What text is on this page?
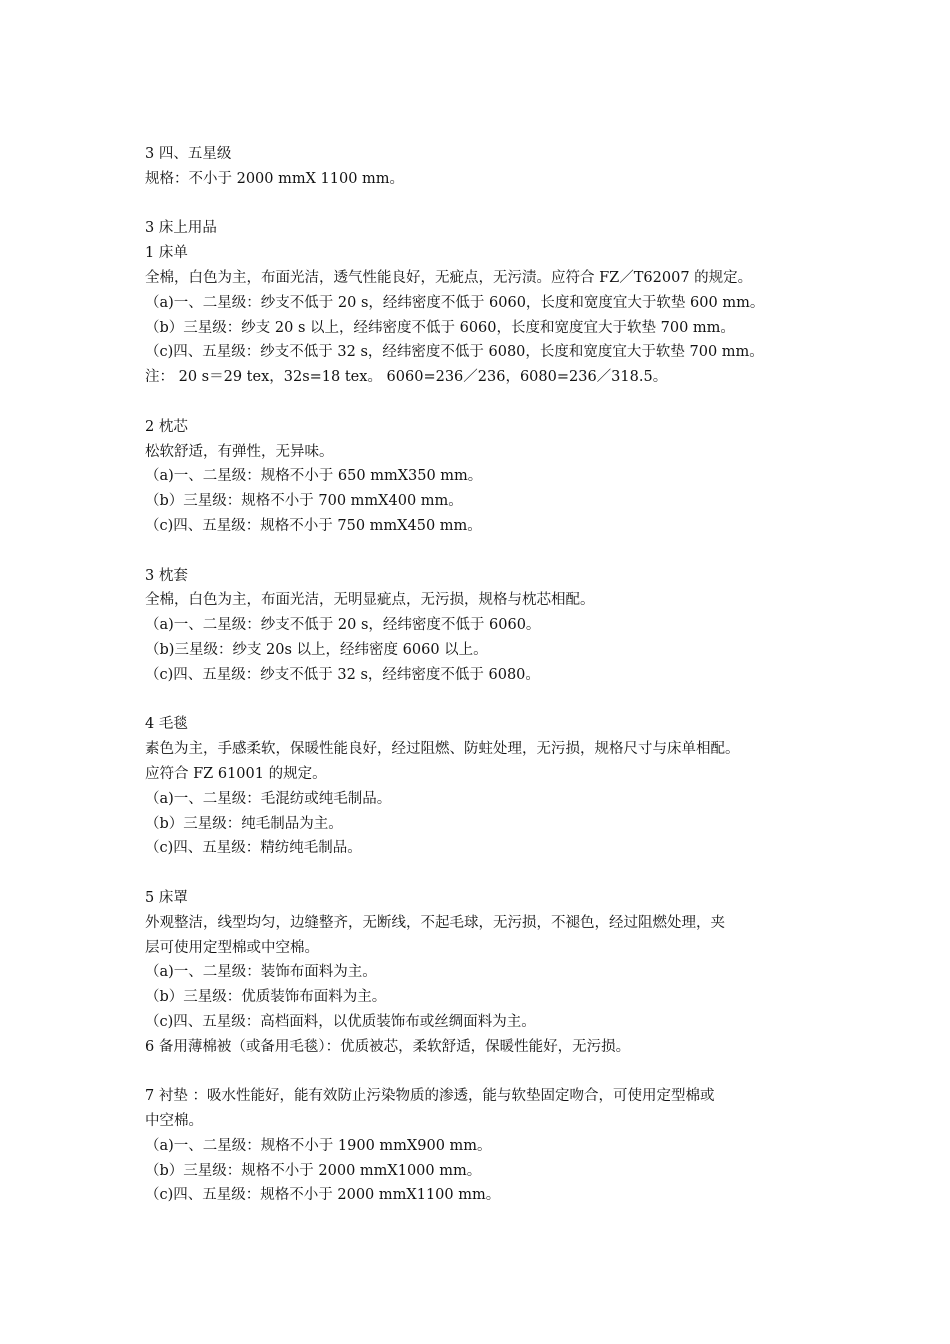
3 四、五星级
规格：不小于 2000 mmX 1100 mm。
3 床上用品
1 床单
全棉，白色为主，布面光洁，透气性能良好，无疵点，无污渍。应符合 FZ／T62007 的规定。
（a)一、二星级：纱支不低于 20 s，经纬密度不低于 6060，长度和宽度宜大于软垫 600 mm。
（b）三星级：纱支 20 s 以上，经纬密度不低于 6060，长度和宽度宜大于软垫 700 mm。
（c)四、五星级：纱支不低于 32 s，经纬密度不低于 6080，长度和宽度宜大于软垫 700 mm。
注： 20 s＝29 tex，32s=18 tex。 6060=236／236，6080=236／318.5。
2 枕芯
松软舒适，有弹性，无异味。
（a)一、二星级：规格不小于 650 mmX350 mm。
（b）三星级：规格不小于 700 mmX400 mm。
（c)四、五星级：规格不小于 750 mmX450 mm。
3 枕套
全棉，白色为主，布面光洁，无明显疵点，无污损，规格与枕芯相配。
（a)一、二星级：纱支不低于 20 s，经纬密度不低于 6060。
（b)三星级：纱支 20s 以上，经纬密度 6060 以上。
（c)四、五星级：纱支不低于 32 s，经纬密度不低于 6080。
4 毛毯
素色为主，手感柔软，保暖性能良好，经过阻燃、防蛀处理，无污损，规格尺寸与床单相配。
应符合 FZ 61001 的规定。
（a)一、二星级：毛混纺或纯毛制品。
（b）三星级：纯毛制品为主。
（c)四、五星级：精纺纯毛制品。
5 床罩
外观整洁，线型均匀，边缝整齐，无断线，不起毛球，无污损，不褪色，经过阻燃处理，夹
层可使用定型棉或中空棉。
（a)一、二星级：装饰布面料为主。
（b）三星级：优质装饰布面料为主。
（c)四、五星级：高档面料，以优质装饰布或丝绸面料为主。
6 备用薄棉被（或备用毛毯）：优质被芯，柔软舒适，保暖性能好，无污损。
7 衬垫 ：吸水性能好，能有效防止污染物质的渗透，能与软垫固定吻合，可使用定型棉或
中空棉。
（a)一、二星级：规格不小于 1900 mmX900 mm。
（b）三星级：规格不小于 2000 mmX1000 mm。
（c)四、五星级：规格不小于 2000 mmX1100 mm。
